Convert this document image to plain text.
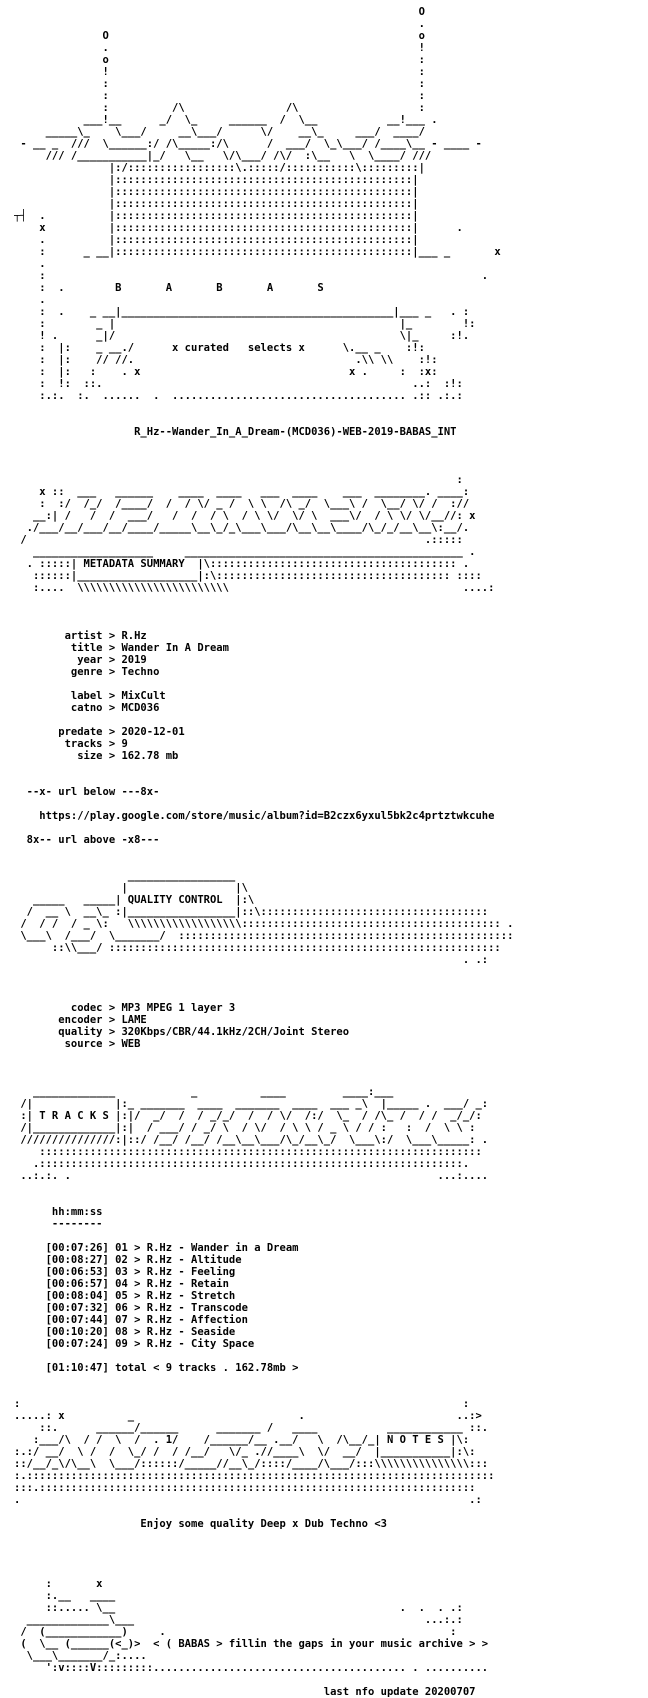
O
.
O                                                 o
.                                                 !
o                                                 :
!                                                 :
:                                                 :
:                                                 :
:          /\                /\                   :
___!__      _/  \_     ______  /  \__           __!___ .
_____\_    \___/     __\___/      \/    __\_     ___/  ____/
- __ _  ///  \______:/ /\_____:/\      /  ___/  \_\___/ /____\__ - ____ -
/// /___________|_/   \__   \/\___/ /\/  :\__   \  \____/ ///
|:/:::::::::::::::::\.:::::/:::::::::::\:::::::::|
|:::::::::::::::::::::::::::::::::::::::::::::::|
|:::::::::::::::::::::::::::::::::::::::::::::::|
|:::::::::::::::::::::::::::::::::::::::::::::::|
┬┤  .          |:::::::::::::::::::::::::::::::::::::::::::::::|
x          |:::::::::::::::::::::::::::::::::::::::::::::::|      .
.          |:::::::::::::::::::::::::::::::::::::::::::::::|
:      _ __|:::::::::::::::::::::::::::::::::::::::::::::::|___ _       x
.
:                                                                     .
:  .        B       A       B       A       S
.
:  .    _ __|___________________________________________|___ _   . :
:        _ |                                             |_        !:
! .      _|/                                             \|_     :!.
:  |:    _ __./      x curated   selects x      \.__ _    :!:
:  |:    // //.                                   .\\ \\    :!:
:  |:   :    . x                                 x .     :  :x:
:  !:  ::.                                                 ..:  :!:
:.:.  :.  ......  .  ..................................... .:: .:.:
R_Hz--Wander_In_A_Dream-(MCD036)-WEB-2019-BABAS_INT
:
x ::  ___   ______    ____  ____   ___  ____    ___  ________. ____:
:  :/  /_/  /____/  /  / \/ _ /  \ \  /\ _/  \___\ /  \__/ \/ /  ://
__:| /   /  /  ___/   /  /  / \  / \ \/  \/ \  ___\/  / \ \/ \/__//: x
./___/__/___/__/____/_____\__\_/_\___\___/\__\__\____/\_/_/__\__\:__/.
/                                                               .:::::
___________________     ____________________________________________ .
. :::::| METADATA SUMMARY  |\::::::::::::::::::::::::::::::::::::::: .
::::::|___________________|:\::::::::::::::::::::::::::::::::::::: ::::
:....  \\\\\\\\\\\\\\\\\\\\\\\\                                     ....:
artist > R.Hz
title > Wander In A Dream
year > 2019
genre > Techno
label > MixCult
catno > MCD036
predate > 2020-12-01
tracks > 9
size > 162.78 mb
--x- url below ---8x-
https://play.google.com/store/music/album?id=B2czx6yxul5bk2c4prtztwkcuhe
8x-- url above -x8---
_________________
|                 |\
_____   _____| QUALITY CONTROL  |:\
/  __ \  __\_ :|_________________|::\::::::::::::::::::::::::::::::::::::
/  / /  / _ \:   \\\\\\\\\\\\\\\\\\::::::::::::::::::::::::::::::::::::::::: .
\___\  /___/  \_______/  :::::::::::::::::::::::::::::::::::::::::::::::::::::
::\\___/ ::::::::::::::::::::::::::::::::::::::::::::::::::::::::::::::
. .:
codec > MP3 MPEG 1 layer 3
encoder > LAME
quality > 320Kbps/CBR/44.1kHz/2CH/Joint Stereo
source > WEB
_____________            _          ____         ____:___
/|             |:_ _______  ____  _______  ____  ___ _\  |_____ .  ___/ _:
:| T R A C K S |:|/  _/  /  / _/_/  /  / \/  /:/  \_  / /\_ /  / /  _/_/:
/|_____________|:|  / ___/ / _/ \  / \/  / \ \ / _ \ / / :   :  /  \ \ :
///////////////:|::/ /__/ /__/ /__\__\___/\_/__\_/  \___\:/  \___\_____: .
::::::::::::::::::::::::::::::::::::::::::::::::::::::::::::::::::::::
.:::::::::::::::::::::::::::::::::::::::::::::::::::::::::::::::::::.
..:.:. .                                                          ...:....
hh:mm:ss
--------
[00:07:26] 01 > R.Hz - Wander in a Dream
[00:08:27] 02 > R.Hz - Altitude
[00:06:53] 03 > R.Hz - Feeling
[00:06:57] 04 > R.Hz - Retain
[00:08:04] 05 > R.Hz - Stretch
[00:07:32] 06 > R.Hz - Transcode
[00:07:44] 07 > R.Hz - Affection
[00:10:20] 08 > R.Hz - Seaside
[00:07:24] 09 > R.Hz - City Space
[01:10:47] total < 9 tracks . 162.78mb >
:                                                                      :
.....: x          _                          .                        ..:>
::.      ______/______      _______ /   ____           ____________ ::.
:___/\  / /  \  /  . 1/    /______/__ .__/   \  /\__/_| N O T E S |\:
:.:/ __/  \ /  /  \_/ /  / /__/   \/_ .//____\  \/  __/  |___________|:\:
::/__/_\/\__\  \___/::::::/_____//__\_/::::/____/\___/:::\\\\\\\\\\\\\\\:::
:.::::::::::::::::::::::::::::::::::::::::::::::::::::::::::::::::::::::::::
:::.:::::::::::::::::::::::::::::::::::::::::::::::::::::::::::::::::::::
.                                                                       .:
Enjoy some quality Deep x Dub Techno <3
:       x
:.__   ____
::..... \__                                             .  .  . .:
_____________\___                                              ...:.:
/  (____________)     .                                             :
(  \__ (______(<_)>  < ( BABAS > fillin the gaps in your music archive > >
\___\_______/_:....
':v::::V:::::::::........................................ . ..........
last nfo update 20200707
